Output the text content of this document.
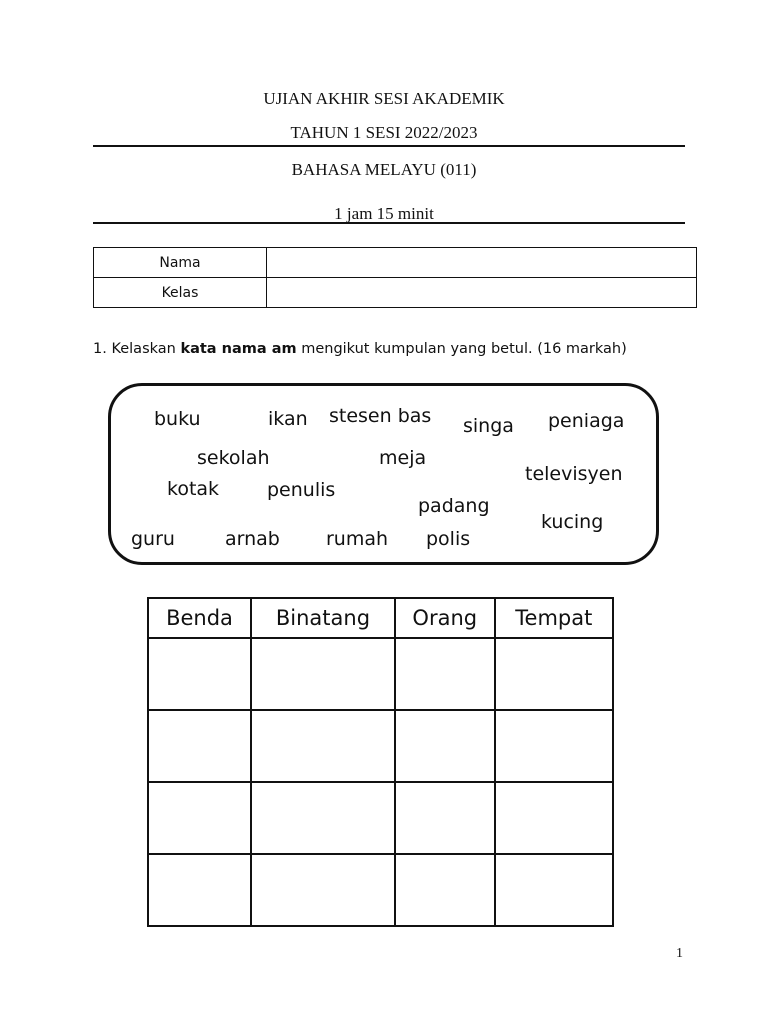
UJIAN AKHIR SESI AKADEMIK
TAHUN 1 SESI 2022/2023
BAHASA MELAYU (011)
1 jam 15 minit
Nama	
Kelas	
1. Kelaskan kata nama am mengikut kumpulan yang betul. (16 markah)
buku	ikan stesen bas singa peniaga
sekolah	meja
televisyen
kotak	penulis
padang
kucing
guru	arnab rumah polis
Benda	Binatang	Orang	Tempat

1
